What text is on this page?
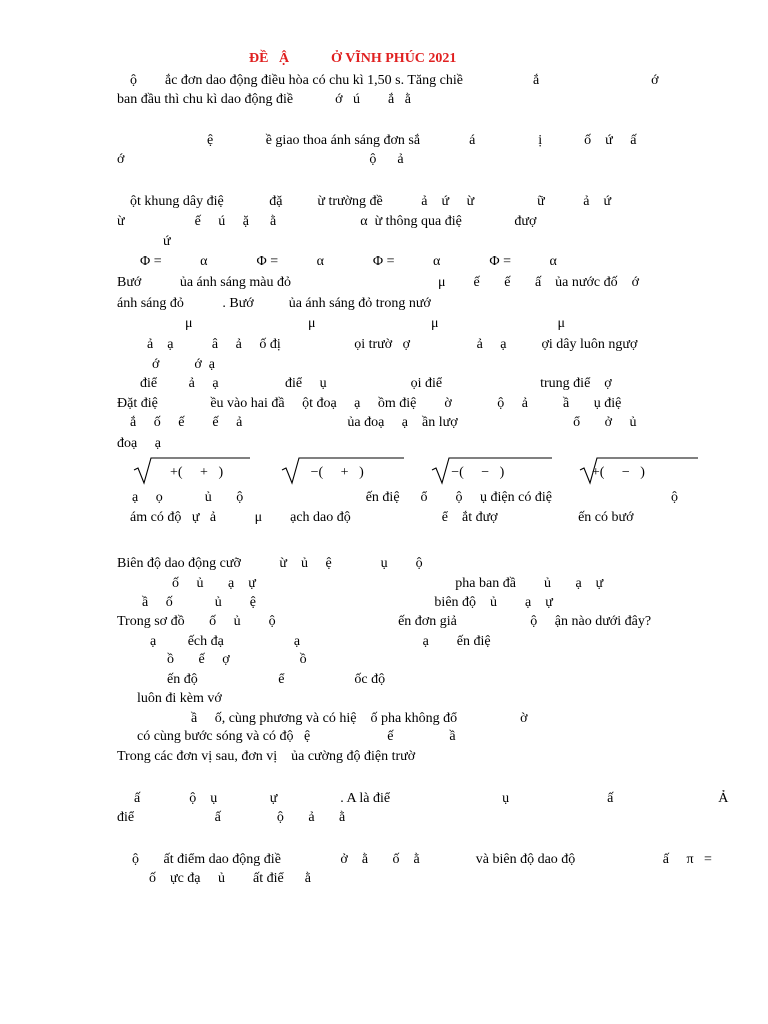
ĐỀ   Ậ            Ở VĨNH PHÚC 2021
ộ        ắc đơn dao động điều hòa có chu kì 1,50 s. Tăng chiề                    ắ                                ớ
ban đầu thì chu kì dao động điề            ớ   ú        ắ   ằ
ệ               ề giao thoa ánh sáng đơn sắ              á                  ị            ố    ứ     ấ
ớ                                                                      ộ      ả
ột khung dây điệ             đặ          ừ trường đề           ả    ứ     ừ                  ữ           ả    ứ
ừ                    ế     ú     ặ      ằ                        α  ừ thông qua điệ               đượ
ứ
Φ =           α              Φ =           α              Φ =           α              Φ =           α
Bướ           ủa ánh sáng màu đỏ                                          μ        ế       ế       ấ    ủa nước đố    ớ
ánh sáng đỏ           . Bướ          ủa ánh sáng đỏ trong nướ
μ                                 μ                                 μ                                  μ
ả    ạ           â     ả     ố đị                     ọi trườ   ợ                   ả     ạ          ợi dây luôn ngượ
ớ          ớ  ạ
điể         ả     ạ                   điể     ụ                        ọi điể                            trung điể    ợ
Đặt điệ               ều vào hai đầ     ột đoạ     ạ     ồm điệ        ờ             ộ     ả          ầ       ụ điệ
ắ     ố     ế        ế     ả                              ủa đoạ     ạ    ần lượ                                 ổ       ở     ủ
đoạ     ạ
+(     +   )                         −(     +   )                         −(     −   )                         +(     −   )
ạ     ọ            ủ       ộ                                   ến điệ      ổ        ộ     ụ điện có điệ                                  ộ
ám có độ   ự   ả           μ        ạch dao độ                          ể    ắt đượ                       ến có bướ
Biên độ dao động cưỡ           ừ    ủ     ệ              ụ        ộ
ố     ủ       ạ    ự                                                         pha ban đầ        ủ       ạ    ự
ầ     ố            ủ        ệ                                                   biên độ    ủ        ạ    ự
Trong sơ đồ       ố     ủ        ộ                                   ến đơn giả                     ộ     ận nào dưới đây?
ạ         ếch đạ                    ạ                                   ạ        ến điệ
ồ       ế     ợ                    ồ
ến độ                       ể                    ốc độ
luôn đi kèm vớ
ầ     ố, cùng phương và có hiệ    ố pha không đổ                  ờ
có cùng bước sóng và có độ   ệ                      ế                ầ
Trong các đơn vị sau, đơn vị    ủa cường độ điện trườ
ấ              ộ    ụ               ự                  . A là điể                                ụ                            ấ                              Ả
điể                       ấ                ộ       ả       ằ
ộ       ất điểm dao động điề                 ở    ằ       ố    ằ                và biên độ dao độ                         ấ     π   =
ố    ực đạ     ủ        ất điể      ằ
